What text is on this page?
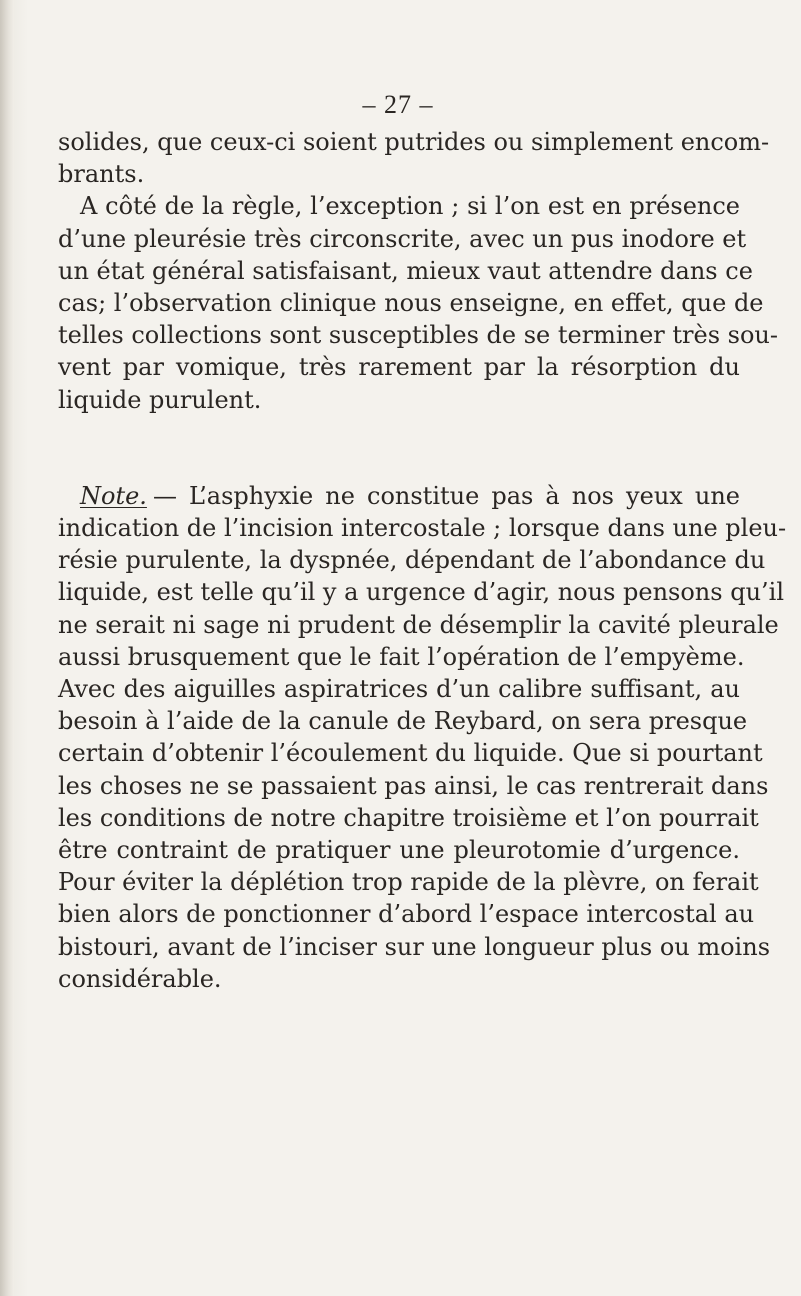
– 27 –
solides, que ceux-ci soient putrides ou simplement encom-
brants.
A côté de la règle, l’exception ; si l’on est en présence
d’une pleurésie très circonscrite, avec un pus inodore et
un état général satisfaisant, mieux vaut attendre dans ce
cas; l’observation clinique nous enseigne, en effet, que de
telles collections sont susceptibles de se terminer très sou-
vent par vomique, très rarement par la résorption du
liquide purulent.
Note. — L’asphyxie ne constitue pas à nos yeux une
indication de l’incision intercostale ; lorsque dans une pleu-
résie purulente, la dyspnée, dépendant de l’abondance du
liquide, est telle qu’il y a urgence d’agir, nous pensons qu’il
ne serait ni sage ni prudent de désemplir la cavité pleurale
aussi brusquement que le fait l’opération de l’empyème.
Avec des aiguilles aspiratrices d’un calibre suffisant, au
besoin à l’aide de la canule de Reybard, on sera presque
certain d’obtenir l’écoulement du liquide. Que si pourtant
les choses ne se passaient pas ainsi, le cas rentrerait dans
les conditions de notre chapitre troisième et l’on pourrait
être contraint de pratiquer une pleurotomie d’urgence.
Pour éviter la déplétion trop rapide de la plèvre, on ferait
bien alors de ponctionner d’abord l’espace intercostal au
bistouri, avant de l’inciser sur une longueur plus ou moins
considérable.
